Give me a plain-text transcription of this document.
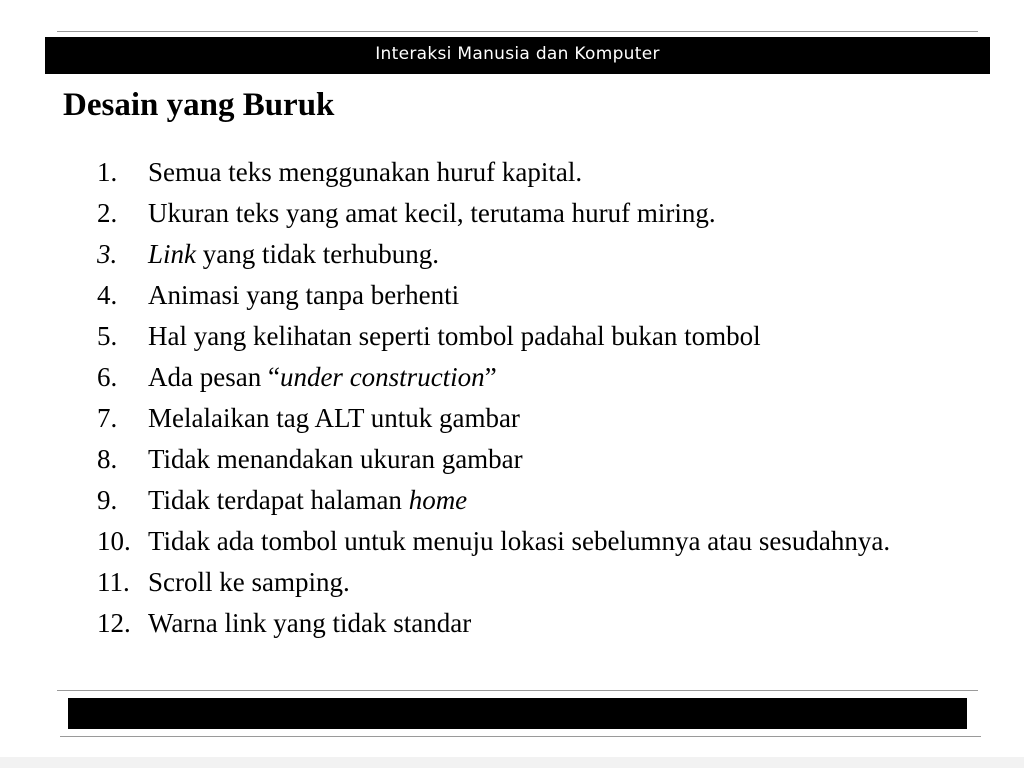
Interaksi Manusia dan Komputer
Desain yang Buruk
1.	Semua teks menggunakan huruf kapital.
2.	Ukuran teks yang amat kecil, terutama huruf miring.
3.	Link yang tidak terhubung.
4.	Animasi yang tanpa berhenti
5.	Hal yang kelihatan seperti tombol padahal bukan tombol
6.	Ada pesan “under construction”
7.	Melalaikan tag ALT untuk gambar
8.	Tidak menandakan ukuran gambar
9.	Tidak terdapat halaman home
10. Tidak ada tombol untuk menuju lokasi sebelumnya atau sesudahnya.
11. Scroll ke samping.
12. Warna link yang tidak standar
